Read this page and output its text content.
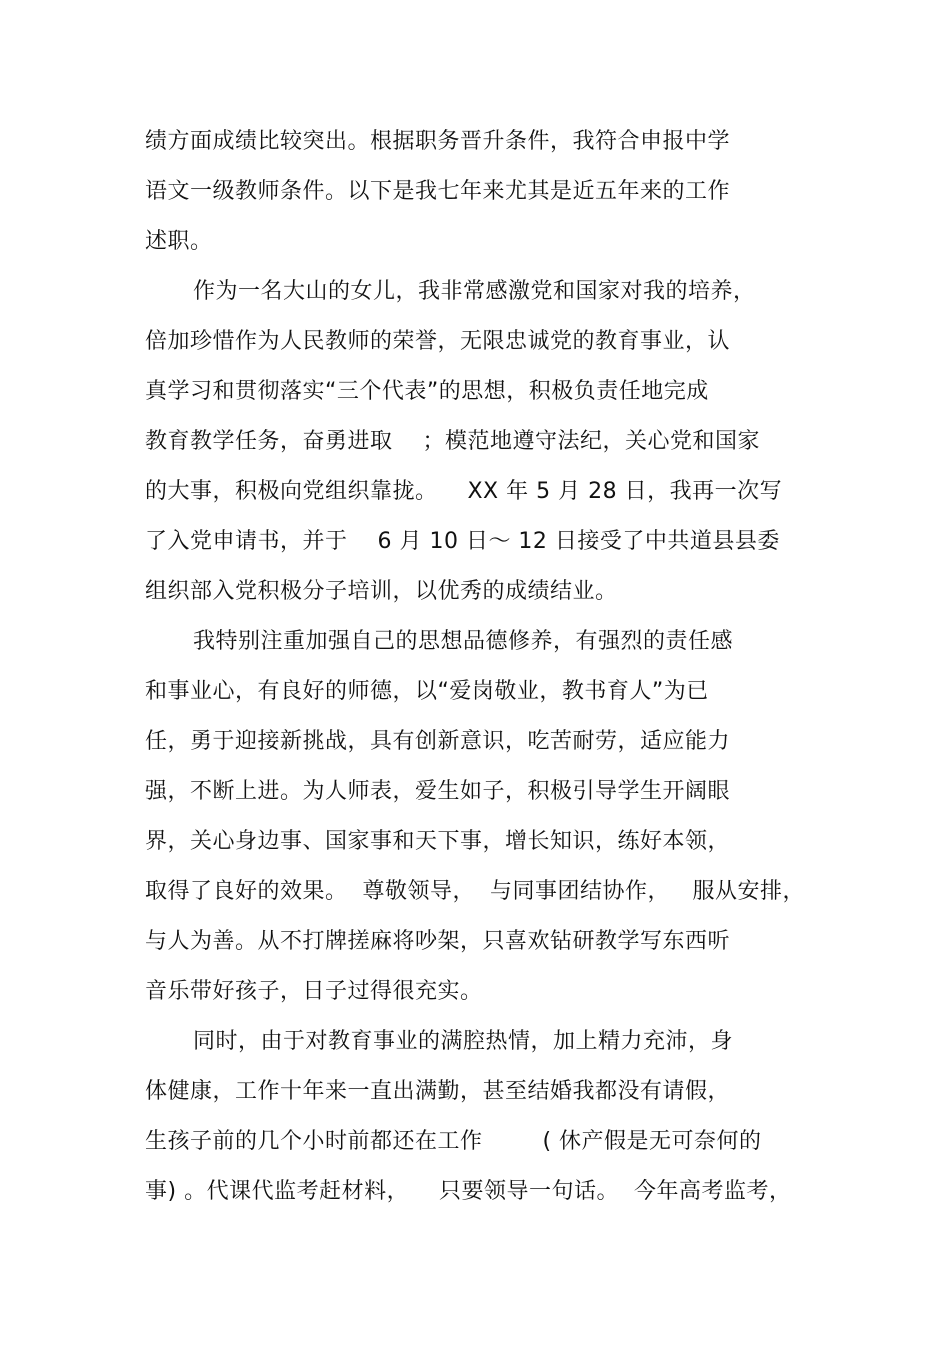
绩方面成绩比较突出。根据职务晋升条件，我符合申报中学
语文一级教师条件。以下是我七年来尤其是近五年来的工作
述职。
作为一名大山的女儿，我非常感激党和国家对我的培养，
倍加珍惜作为人民教师的荣誉，无限忠诚党的教育事业，认
真学习和贯彻落实“三个代表”的思想，积极负责任地完成
教育教学任务，奋勇进取    ；模范地遵守法纪，关心党和国家
的大事，积极向党组织靠拢。    XX 年 5 月 28 日，我再一次写
了入党申请书，并于    6 月 10 日～ 12 日接受了中共道县县委
组织部入党积极分子培训，以优秀的成绩结业。
我特别注重加强自己的思想品德修养，有强烈的责任感
和事业心，有良好的师德，以“爱岗敬业，教书育人”为已
任，勇于迎接新挑战，具有创新意识，吃苦耐劳，适应能力
强，不断上进。为人师表，爱生如子，积极引导学生开阔眼
界，关心身边事、国家事和天下事，增长知识，练好本领，
取得了良好的效果。  尊敬领导，  与同事团结协作，   服从安排，
与人为善。从不打牌搓麻将吵架，只喜欢钻研教学写东西听
音乐带好孩子，日子过得很充实。
同时，由于对教育事业的满腔热情，加上精力充沛，身
体健康，工作十年来一直出满勤，甚至结婚我都没有请假，
生孩子前的几个小时前都还在工作        ( 休产假是无可奈何的
事) 。代课代监考赶材料，    只要领导一句话。  今年高考监考，
